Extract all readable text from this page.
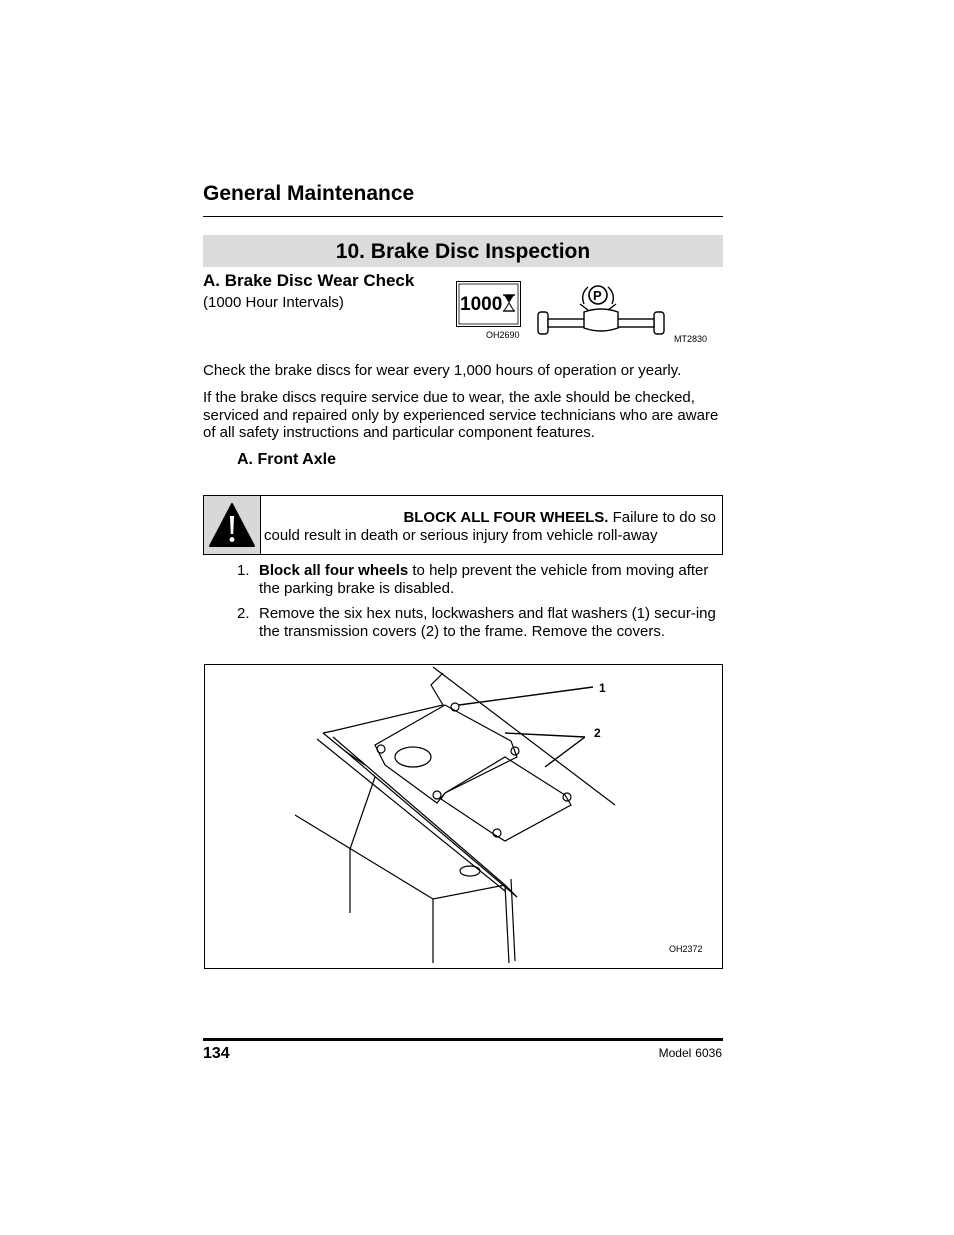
General Maintenance
10. Brake Disc Inspection
A. Brake Disc Wear Check
(1000 Hour Intervals)	1000
OH2690
P
MT2830
Check the brake discs for wear every 1,000 hours of operation or yearly.
If the brake discs require service due to wear, the axle should be checked, serviced and repaired only by experienced service technicians who are aware of all safety instructions and particular component features.
A. Front Axle
BLOCK ALL FOUR WHEELS. Failure to do so
could result in death or serious injury from vehicle roll-away
1. Block all four wheels to help prevent the vehicle from moving after the parking brake is disabled.
2. Remove the six hex nuts, lockwashers and flat washers (1) secur-ing the transmission covers (2) to the frame. Remove the covers.
1
2
OH2372
134	Model 6036
